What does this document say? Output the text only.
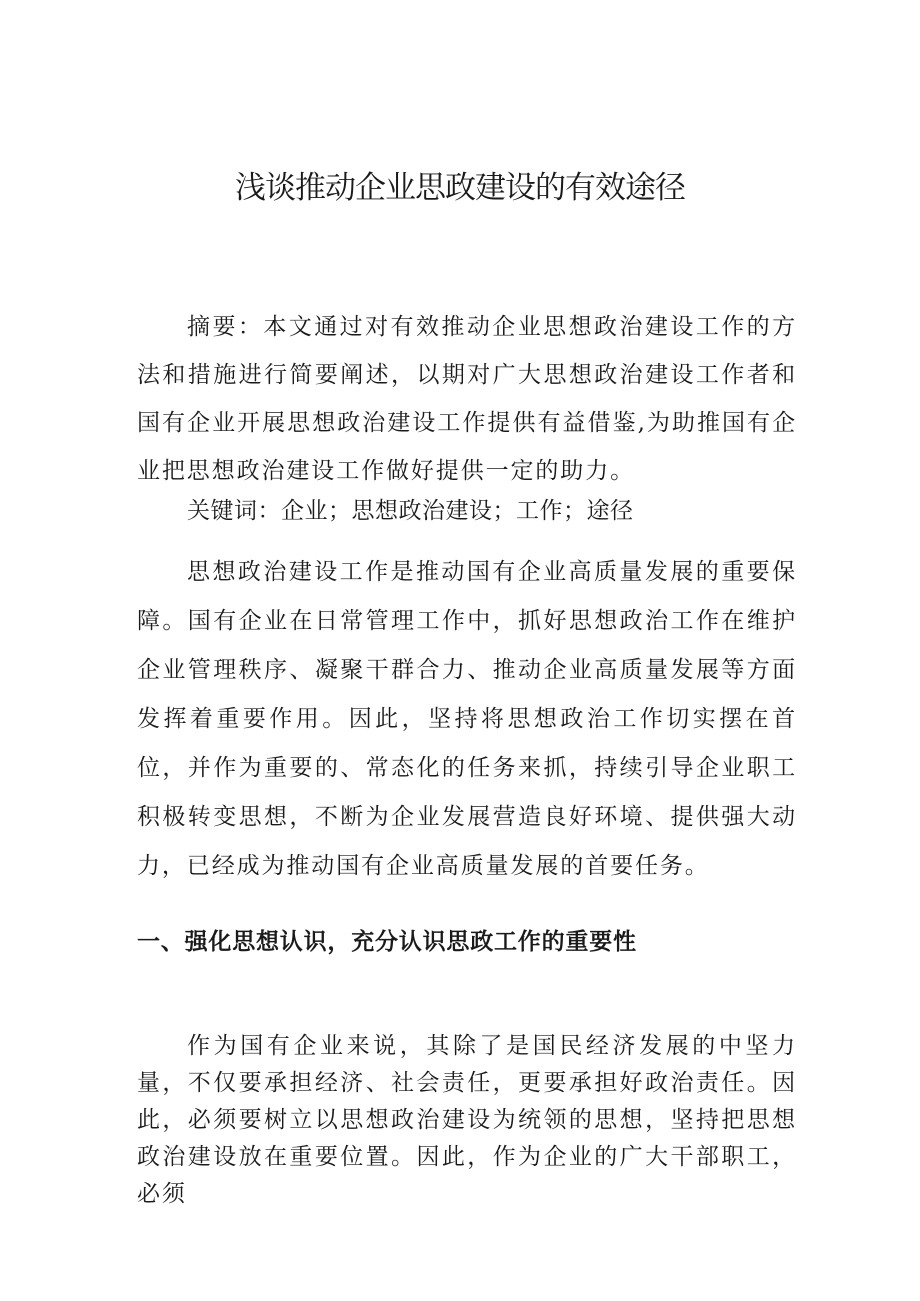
浅谈推动企业思政建设的有效途径

摘要：本文通过对有效推动企业思想政治建设工作的方法和措施进行简要阐述，以期对广大思想政治建设工作者和国有企业开展思想政治建设工作提供有益借鉴,为助推国有企业把思想政治建设工作做好提供一定的助力。

关键词：企业；思想政治建设；工作；途径

思想政治建设工作是推动国有企业高质量发展的重要保障。国有企业在日常管理工作中，抓好思想政治工作在维护企业管理秩序、凝聚干群合力、推动企业高质量发展等方面发挥着重要作用。因此，坚持将思想政治工作切实摆在首位，并作为重要的、常态化的任务来抓，持续引导企业职工积极转变思想，不断为企业发展营造良好环境、提供强大动力，已经成为推动国有企业高质量发展的首要任务。

一、强化思想认识，充分认识思政工作的重要性

作为国有企业来说，其除了是国民经济发展的中坚力量，不仅要承担经济、社会责任，更要承担好政治责任。因此，必须要树立以思想政治建设为统领的思想，坚持把思想政治建设放在重要位置。因此，作为企业的广大干部职工，必须
